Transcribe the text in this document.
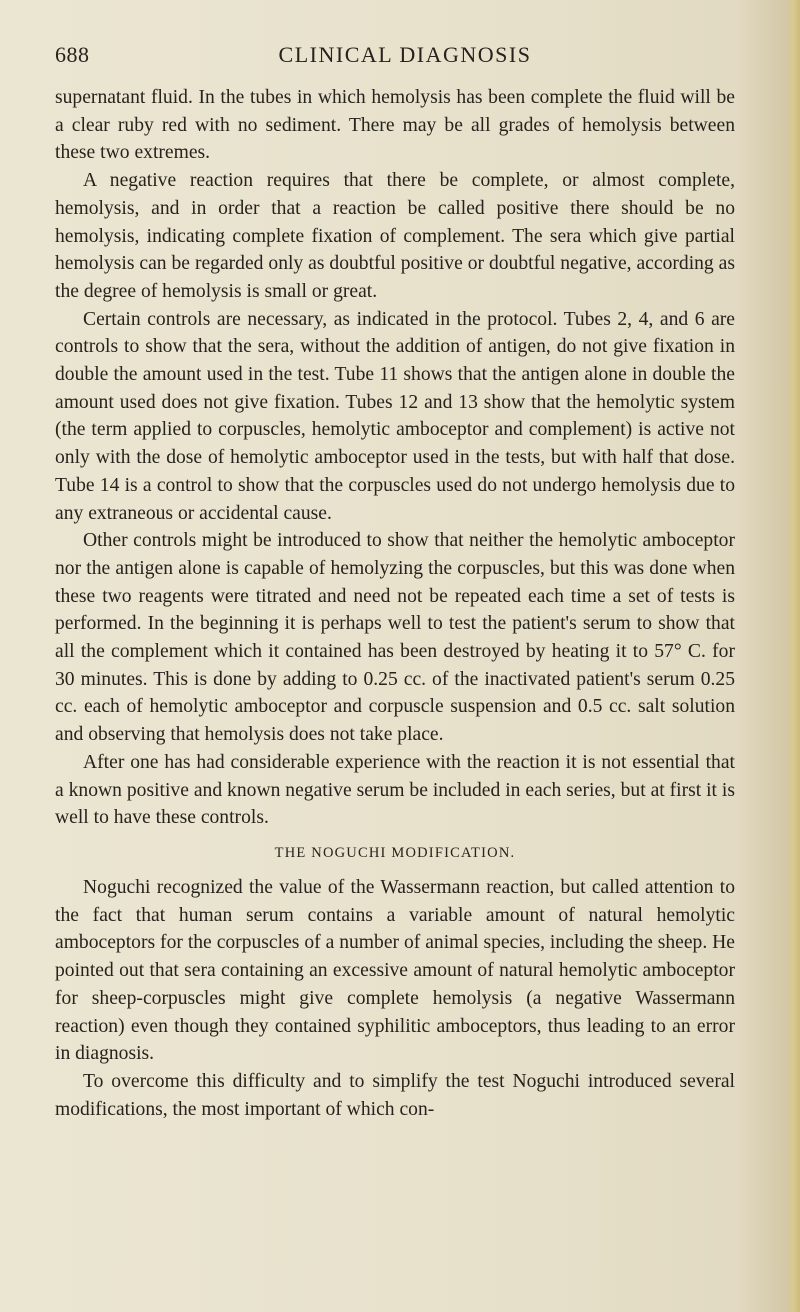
688	CLINICAL DIAGNOSIS

supernatant fluid. In the tubes in which hemolysis has been complete the fluid will be a clear ruby red with no sediment. There may be all grades of hemolysis between these two extremes.

A negative reaction requires that there be complete, or almost complete, hemolysis, and in order that a reaction be called positive there should be no hemolysis, indicating complete fixation of complement. The sera which give partial hemolysis can be regarded only as doubtful positive or doubtful negative, according as the degree of hemolysis is small or great.

Certain controls are necessary, as indicated in the protocol. Tubes 2, 4, and 6 are controls to show that the sera, without the addition of antigen, do not give fixation in double the amount used in the test. Tube 11 shows that the antigen alone in double the amount used does not give fixation. Tubes 12 and 13 show that the hemolytic system (the term applied to corpuscles, hemolytic amboceptor and complement) is active not only with the dose of hemolytic amboceptor used in the tests, but with half that dose. Tube 14 is a control to show that the corpuscles used do not undergo hemolysis due to any extraneous or accidental cause.

Other controls might be introduced to show that neither the hemolytic amboceptor nor the antigen alone is capable of hemolyzing the corpuscles, but this was done when these two reagents were titrated and need not be repeated each time a set of tests is performed. In the beginning it is perhaps well to test the patient's serum to show that all the complement which it contained has been destroyed by heating it to 57° C. for 30 minutes. This is done by adding to 0.25 cc. of the inactivated patient's serum 0.25 cc. each of hemolytic amboceptor and corpuscle suspension and 0.5 cc. salt solution and observing that hemolysis does not take place.

After one has had considerable experience with the reaction it is not essential that a known positive and known negative serum be included in each series, but at first it is well to have these controls.

THE NOGUCHI MODIFICATION.

Noguchi recognized the value of the Wassermann reaction, but called attention to the fact that human serum contains a variable amount of natural hemolytic amboceptors for the corpuscles of a number of animal species, including the sheep. He pointed out that sera containing an excessive amount of natural hemolytic amboceptor for sheep-corpuscles might give complete hemolysis (a negative Wassermann reaction) even though they contained syphilitic amboceptors, thus leading to an error in diagnosis.

To overcome this difficulty and to simplify the test Noguchi introduced several modifications, the most important of which con-
